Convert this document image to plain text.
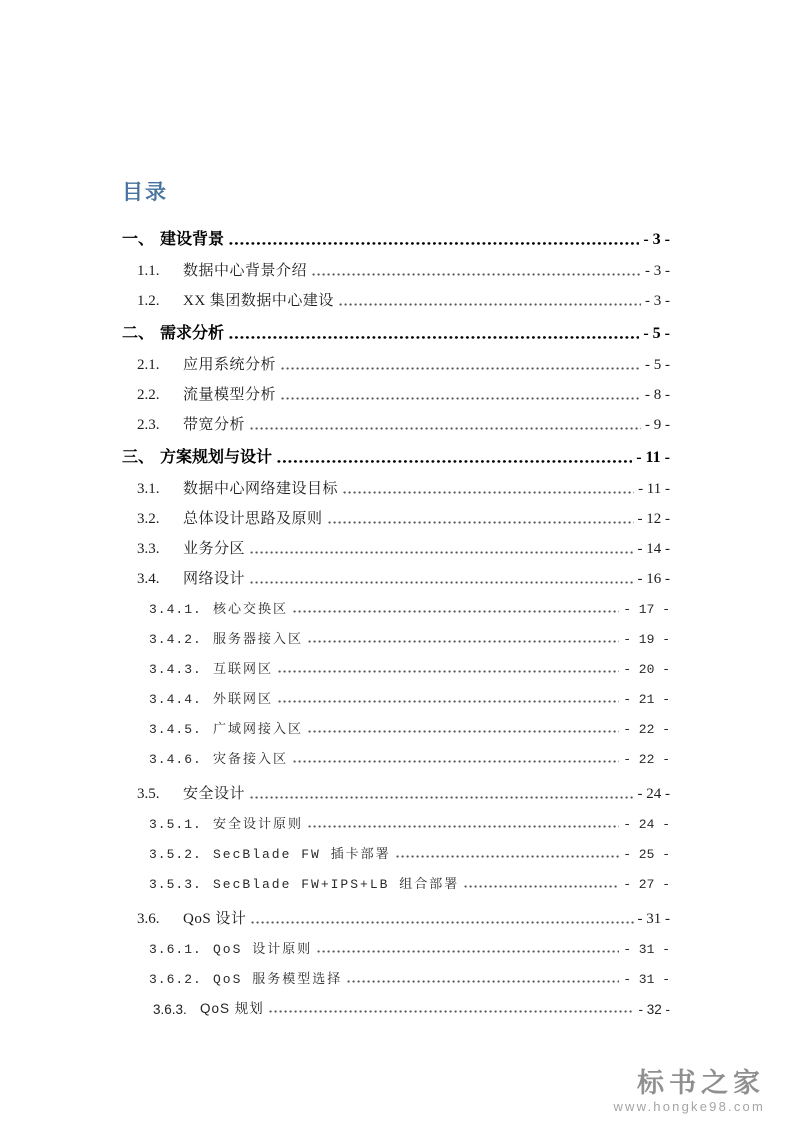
目录
一、 建设背景	- 3 -
1.1.	数据中心背景介绍	- 3 -
1.2.	XX 集团数据中心建设	- 3 -
二、 需求分析	- 5 -
2.1.	应用系统分析	- 5 -
2.2.	流量模型分析	- 8 -
2.3.	带宽分析	- 9 -
三、 方案规划与设计	- 11 -
3.1.	数据中心网络建设目标	- 11 -
3.2.	总体设计思路及原则	- 12 -
3.3.	业务分区	- 14 -
3.4.	网络设计	- 16 -
3.4.1. 核心交换区	- 17 -
3.4.2. 服务器接入区	- 19 -
3.4.3. 互联网区	- 20 -
3.4.4. 外联网区	- 21 -
3.4.5. 广域网接入区	- 22 -
3.4.6. 灾备接入区	- 22 -
3.5.	安全设计	- 24 -
3.5.1. 安全设计原则	- 24 -
3.5.2. SecBlade FW 插卡部署	- 25 -
3.5.3. SecBlade FW+IPS+LB 组合部署	- 27 -
3.6.	QoS 设计	- 31 -
3.6.1. QoS 设计原则	- 31 -
3.6.2. QoS 服务模型选择	- 31 -
3.6.3. QoS 规划	- 32 -
标书之家
www.hongke98.com
